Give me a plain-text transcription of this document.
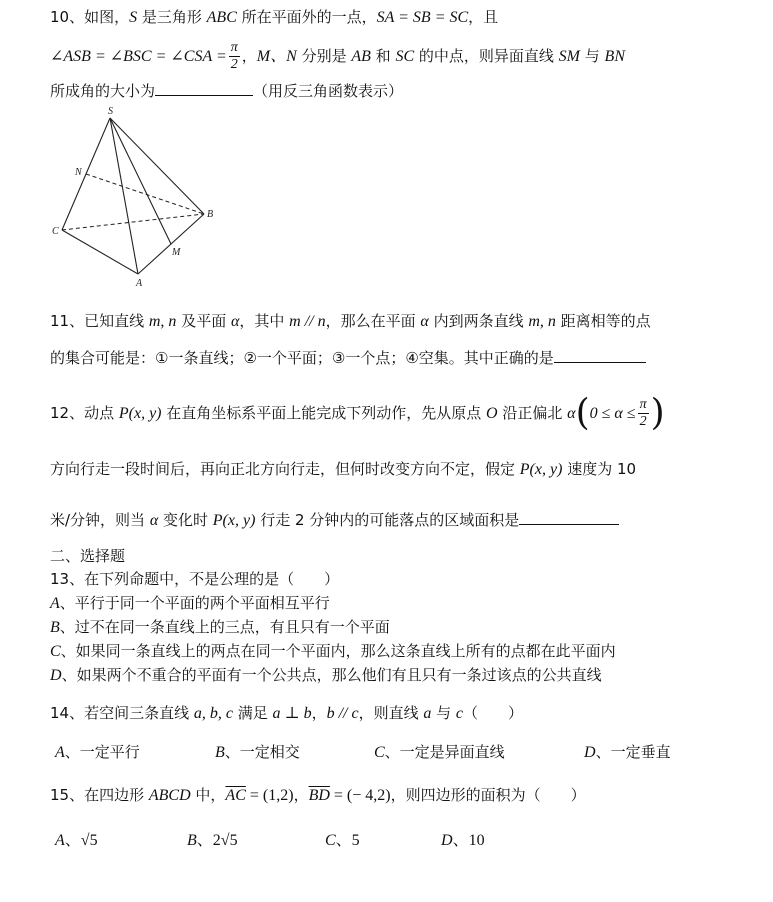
10、如图，S 是三角形 ABC 所在平面外的一点，SA = SB = SC，且
∠ASB = ∠BSC = ∠CSA = $\frac{\pi}{2}$ ，M、N 分别是 AB 和 SC 的中点，则异面直线 SM 与 BN
所成角的大小为	（用反三角函数表示）
S
N
B
C
M
A
11、已知直线 m, n 及平面 α，其中 m // n，那么在平面 α 内到两条直线 m, n 距离相等的点
的集合可能是：①一条直线；②一个平面；③一个点；④空集。其中正确的是
12、动点 P(x, y) 在直角坐标系平面上能完成下列动作，先从原点 O 沿正偏北 $\alpha(0 \le \alpha \le \frac{\pi}{2}$ )
方向行走一段时间后，再向正北方向行走，但何时改变方向不定，假定 P(x, y) 速度为 10
米/分钟，则当 α 变化时 P(x, y) 行走 2 分钟内的可能落点的区域面积是
二、选择题
13、在下列命题中，不是公理的是（　　）
A、平行于同一个平面的两个平面相互平行
B、过不在同一条直线上的三点，有且只有一个平面
C、如果同一条直线上的两点在同一个平面内，那么这条直线上所有的点都在此平面内
D、如果两个不重合的平面有一个公共点，那么他们有且只有一条过该点的公共直线
14、若空间三条直线 a, b, c 满足 a ⊥ b，b // c，则直线 a 与 c（　　）
A、一定平行	B、一定相交	C、一定是异面直线	D、一定垂直
15、在四边形 ABCD 中，$\overline{AC} = (1,2)$，$\overline{BD}$ = (− 4,2)，则四边形的面积为（　　）
A、√5	B、2√5	C、5	D、10
